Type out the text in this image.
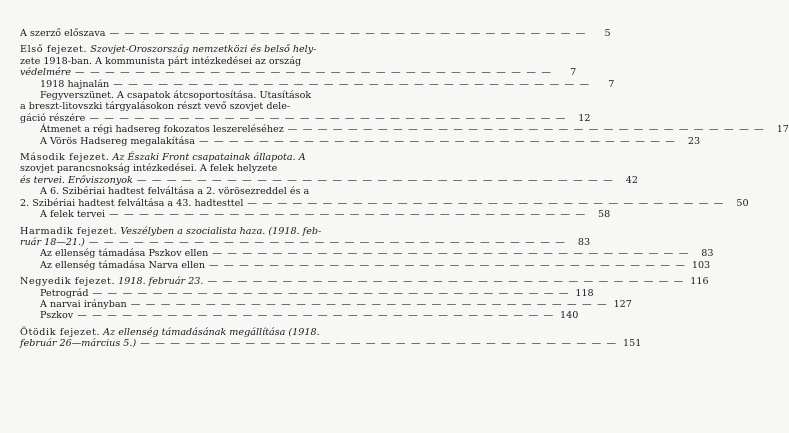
A szerző előszava — — — — — — — — — — — — — — — — — — — — — — — — — — — — — — — —	5
Első fejezet. Szovjet-Oroszország nemzetközi és belső hely-
zete 1918-ban. A kommunista párt intézkedései az ország
védelmére — — — — — — — — — — — — — — — — — — — — — — — — — — — — — — — —	7
1918 hajnalán — — — — — — — — — — — — — — — — — — — — — — — — — — — — — — — —	7
Fegyverszünet. A csapatok átcsoportosítása. Utasítások
a breszt-litovszki tárgyalásokon részt vevő szovjet dele-
gáció részére — — — — — — — — — — — — — — — — — — — — — — — — — — — — — — — —	12
Átmenet a régi hadsereg fokozatos leszereléséhez — — — — — — — — — — — — — — — — — — — — — — — — — — — — — — — —	17
A Vörös Hadsereg megalakítása — — — — — — — — — — — — — — — — — — — — — — — — — — — — — — — —	23
Második fejezet. Az Északi Front csapatainak állapota. A
szovjet parancsnokság intézkedései. A felek helyzete
és tervei. Erőviszonyok — — — — — — — — — — — — — — — — — — — — — — — — — — — — — — — —	42
A 6. Szibériai hadtest felváltása a 2. vörösezreddel és a
2. Szibériai hadtest felváltása a 43. hadtesttel — — — — — — — — — — — — — — — — — — — — — — — — — — — — — — — —	50
A felek tervei — — — — — — — — — — — — — — — — — — — — — — — — — — — — — — — —	58
Harmadik fejezet. Veszélyben a szocialista haza. (1918. feb-
ruár 18—21.) — — — — — — — — — — — — — — — — — — — — — — — — — — — — — — — —	83
Az ellenség támadása Pszkov ellen — — — — — — — — — — — — — — — — — — — — — — — — — — — — — — — —	83
Az ellenség támadása Narva ellen — — — — — — — — — — — — — — — — — — — — — — — — — — — — — — — — 103
Negyedik fejezet. 1918. február 23. — — — — — — — — — — — — — — — — — — — — — — — — — — — — — — — — 116
Petrográd — — — — — — — — — — — — — — — — — — — — — — — — — — — — — — — — 118
A narvai irányban — — — — — — — — — — — — — — — — — — — — — — — — — — — — — — — — 127
Pszkov — — — — — — — — — — — — — — — — — — — — — — — — — — — — — — — — 140
Ötödik fejezet. Az ellenség támadásának megállítása (1918.
február 26—március 5.) — — — — — — — — — — — — — — — — — — — — — — — — — — — — — — — — 151
